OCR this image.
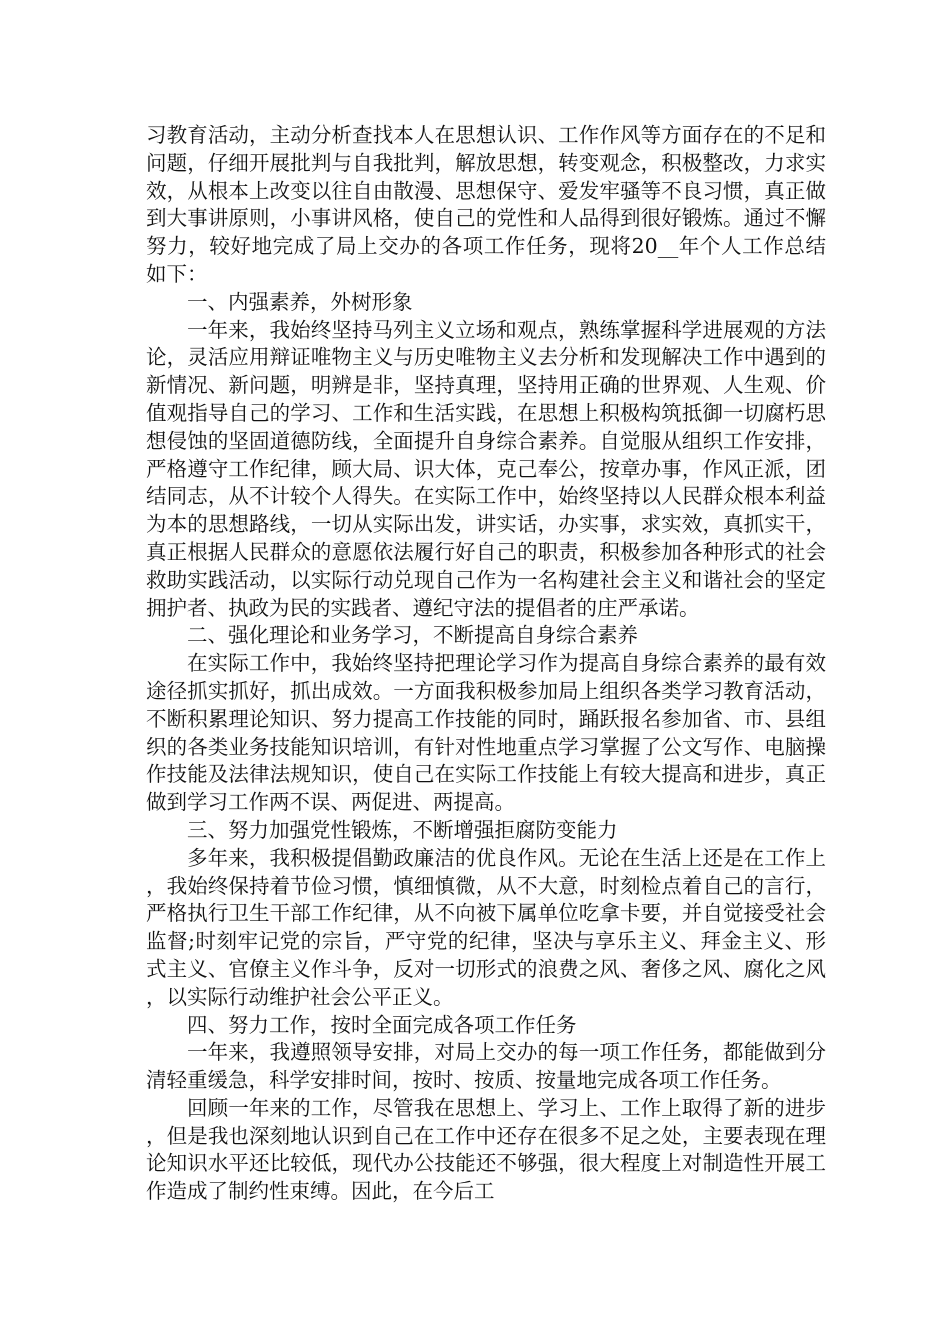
习教育活动，主动分析查找本人在思想认识、工作作风等方面存在的不足和问题，仔细开展批判与自我批判，解放思想，转变观念，积极整改，力求实效，从根本上改变以往自由散漫、思想保守、爱发牢骚等不良习惯，真正做到大事讲原则，小事讲风格，使自己的党性和人品得到很好锻炼。通过不懈努力，较好地完成了局上交办的各项工作任务，现将20__年个人工作总结如下：

一、内强素养，外树形象

一年来，我始终坚持马列主义立场和观点，熟练掌握科学进展观的方法论，灵活应用辩证唯物主义与历史唯物主义去分析和发现解决工作中遇到的新情况、新问题，明辨是非，坚持真理，坚持用正确的世界观、人生观、价值观指导自己的学习、工作和生活实践，在思想上积极构筑抵御一切腐朽思想侵蚀的坚固道德防线，全面提升自身综合素养。自觉服从组织工作安排，严格遵守工作纪律，顾大局、识大体，克己奉公，按章办事，作风正派，团结同志，从不计较个人得失。在实际工作中，始终坚持以人民群众根本利益为本的思想路线，一切从实际出发，讲实话，办实事，求实效，真抓实干，真正根据人民群众的意愿依法履行好自己的职责，积极参加各种形式的社会救助实践活动，以实际行动兑现自己作为一名构建社会主义和谐社会的坚定拥护者、执政为民的实践者、遵纪守法的提倡者的庄严承诺。

二、强化理论和业务学习，不断提高自身综合素养

在实际工作中，我始终坚持把理论学习作为提高自身综合素养的最有效途径抓实抓好，抓出成效。一方面我积极参加局上组织各类学习教育活动，不断积累理论知识、努力提高工作技能的同时，踊跃报名参加省、市、县组织的各类业务技能知识培训，有针对性地重点学习掌握了公文写作、电脑操作技能及法律法规知识，使自己在实际工作技能上有较大提高和进步，真正做到学习工作两不误、两促进、两提高。

三、努力加强党性锻炼，不断增强拒腐防变能力

多年来，我积极提倡勤政廉洁的优良作风。无论在生活上还是在工作上，我始终保持着节俭习惯，慎细慎微，从不大意，时刻检点着自己的言行，严格执行卫生干部工作纪律，从不向被下属单位吃拿卡要，并自觉接受社会监督;时刻牢记党的宗旨，严守党的纪律，坚决与享乐主义、拜金主义、形式主义、官僚主义作斗争，反对一切形式的浪费之风、奢侈之风、腐化之风，以实际行动维护社会公平正义。

四、努力工作，按时全面完成各项工作任务

一年来，我遵照领导安排，对局上交办的每一项工作任务，都能做到分清轻重缓急，科学安排时间，按时、按质、按量地完成各项工作任务。

回顾一年来的工作，尽管我在思想上、学习上、工作上取得了新的进步，但是我也深刻地认识到自己在工作中还存在很多不足之处，主要表现在理论知识水平还比较低，现代办公技能还不够强，很大程度上对制造性开展工作造成了制约性束缚。因此，在今后工
